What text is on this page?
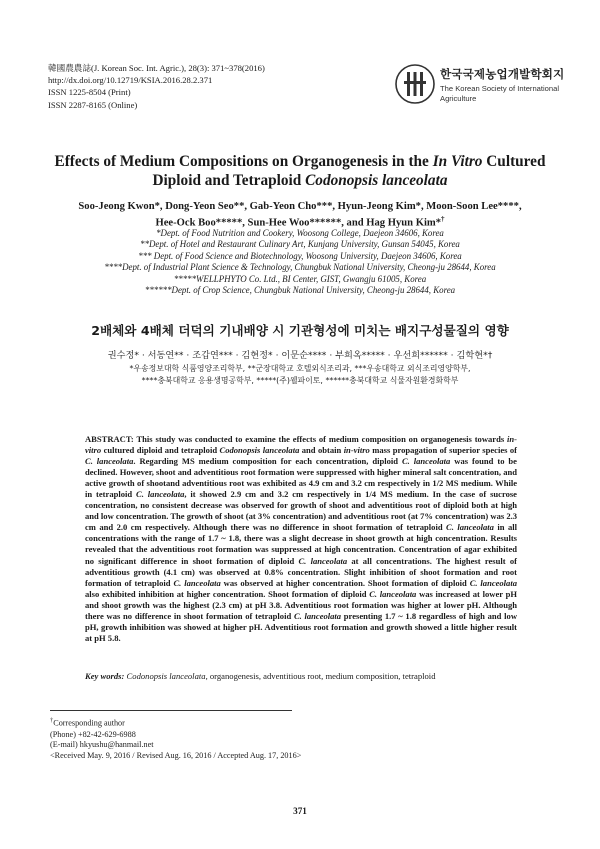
韓國農農誌(J. Korean Soc. Int. Agric.), 28(3): 371~378(2016)
http://dx.doi.org/10.12719/KSIA.2016.28.2.371
ISSN 1225-8504 (Print)
ISSN 2287-8165 (Online)
한국국제농업개발학회지
The Korean Society of International
Agriculture
Effects of Medium Compositions on Organogenesis in the In Vitro Cultured
Diploid and Tetraploid Codonopsis lanceolata
Soo-Jeong Kwon*, Dong-Yeon Seo**, Gab-Yeon Cho***, Hyun-Jeong Kim*, Moon-Soon Lee****,
Hee-Ock Boo*****, Sun-Hee Woo******, and Hag Hyun Kim*†
*Dept. of Food Nutrition and Cookery, Woosong College, Daejeon 34606, Korea
**Dept. of Hotel and Restaurant Culinary Art, Kunjang University, Gunsan 54045, Korea
*** Dept. of Food Science and Biotechnology, Woosong University, Daejeon 34606, Korea
****Dept. of Industrial Plant Science & Technology, Chungbuk National University, Cheong-ju 28644, Korea
*****WELLPHYTO Co. Ltd., BI Center, GIST, Gwangju 61005, Korea
******Dept. of Crop Science, Chungbuk National University, Cheong-ju 28644, Korea
2배체와 4배체 더덕의 기내배양 시 기관형성에 미치는 배지구성물질의 영향
권수정* · 서동연** · 조갑연*** · 김현정* · 이문순**** · 부희옥***** · 우선희****** · 김학현*†
*우송정보대학 식품영양조리학부, **군장대학교 호텔외식조리과, ***우송대학교 외식조리영양학부,
****충북대학교 응용생명공학부, *****(주)웰파이토, ******충북대학교 식물자원환경화학부
ABSTRACT: This study was conducted to examine the effects of medium composition on organogenesis towards in-vitro cultured diploid and tetraploid Codonopsis lanceolata and obtain in-vitro mass propagation of superior species of C. lanceolata. Regarding MS medium composition for each concentration, diploid C. lanceolata was found to be declined. However, shoot and adventitious root formation were suppressed with higher mineral salt concentration, and active growth of shootand adventitious root was exhibited as 4.9 cm and 3.2 cm respectively in 1/2 MS medium. While in tetraploid C. lanceolata, it showed 2.9 cm and 3.2 cm respectively in 1/4 MS medium. In the case of sucrose concentration, no consistent decrease was observed for growth of shoot and adventitious root of diploid both at high and low concentration. The growth of shoot (at 3% concentration) and adventitious root (at 7% concentration) was 2.3 cm and 2.0 cm respectively. Although there was no difference in shoot formation of tetraploid C. lanceolata in all concentrations with the range of 1.7 ~ 1.8, there was a slight decrease in shoot growth at high concentration. Results revealed that the adventitious root formation was suppressed at high concentration. Concentration of agar exhibited no significant difference in shoot formation of diploid C. lanceolata at all concentrations. The highest result of adventitious growth (4.1 cm) was observed at 0.8% concentration. Slight inhibition of shoot formation and root formation of tetraploid C. lanceolata was observed at higher concentration. Shoot formation of diploid C. lanceolata also exhibited inhibition at higher concentration. Shoot formation of diploid C. lanceolata was increased at lower pH and shoot growth was the highest (2.3 cm) at pH 3.8. Adventitious root formation was higher at lower pH. Although there was no difference in shoot formation of tetraploid C. lanceolata presenting 1.7 ~ 1.8 regardless of high and low pH, growth inhibition was showed at higher pH. Adventitious root formation and growth showed a little higher result at pH 5.8.
Key words: Codonopsis lanceolata, organogenesis, adventitious root, medium composition, tetraploid
†Corresponding author
(Phone) +82-42-629-6988
(E-mail) hkyushu@hanmail.net
<Received May. 9, 2016 / Revised Aug. 16, 2016 / Accepted Aug. 17, 2016>
371
